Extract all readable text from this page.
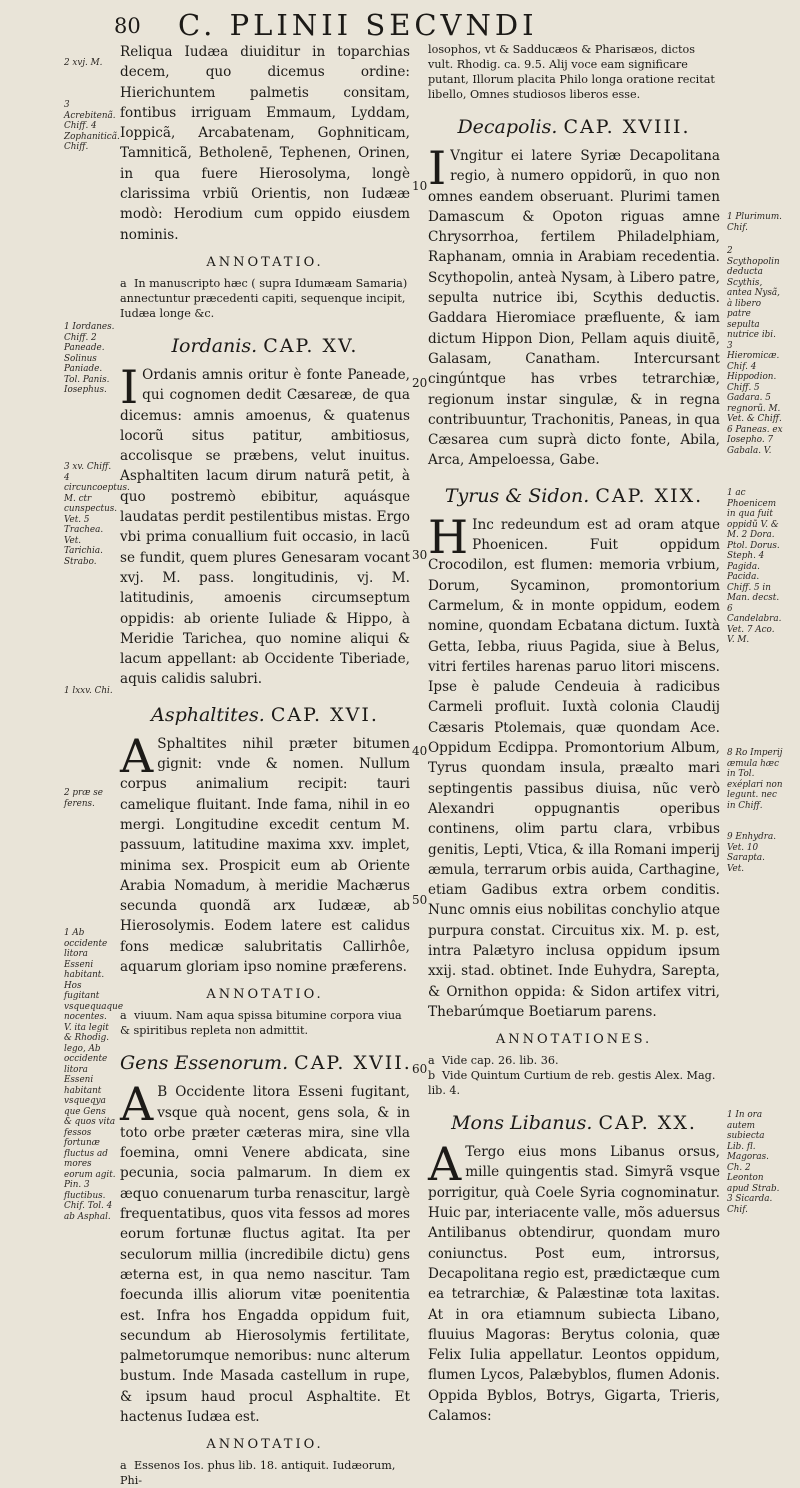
80 C. PLINII SECVNDI
2 xvj. M.
3 Acrebitenã. Chiff. 4 Zophaniticã. Chiff.
1 Iordanes. Chiff. 2 Paneade. Solinus Paniade. Tol. Panis. Iosephus.
3 xv. Chiff. 4 circuncoeptus. M. ctr cunspectus. Vet. 5 Trachea. Vet. Tarichia. Strabo.
1 lxxv. Chi.
2 præ se ferens.
1 Ab occidente litora Esseni habitant. Hos fugitant vsquequaque nocentes. V. ita legit & Rhodig. lego, Ab occidente litora Esseni habitant vsqueqya que Gens & quos vita fessos fortunæ fluctus ad mores eorum agit. Pin. 3 fluctibus. Chif. Tol. 4 ab Asphal.
10
20
30
40
50
60

Reliqua Iudæa diuiditur in toparchias decem, quo dicemus ordine: Hierichuntem palmetis consitam, fontibus irriguam Emmaum, Lyddam, Ioppicã, Arcabatenam, Gophniticam, Tamniticã, Betholenē, Tephenen, Orinen, in qua fuere Hierosolyma, longè clarissima vrbiũ Orientis, non Iudææ modò: Herodium cum oppido eiusdem nominis.

ANNOTATIO.

a In manuscripto hæc ( supra Idumæam Samaria) annectuntur præcedenti capiti, sequenque incipit, Iudæa longe &c.

Iordanis. CAP. XV.

I Ordanis amnis oritur è fonte Paneade, qui cognomen dedit Cæsareæ, de qua dicemus: amnis amoenus, & quatenus locorũ situs patitur, ambitiosus, accolisque se præbens, velut inuitus. Asphaltiten lacum dirum naturã petit, à quo postremò ebibitur, aquásque laudatas perdit pestilentibus mistas. Ergo vbi prima conuallium fuit occasio, in lacũ se fundit, quem plures Genesaram vocant xvj. M. pass. longitudinis, vj. M. latitudinis, amoenis circumseptum oppidis: ab oriente Iuliade & Hippo, à Meridie Tarichea, quo nomine aliqui & lacum appellant: ab Occidente Tiberiade, aquis calidis salubri.

Asphaltites. CAP. XVI.

A Sphaltites nihil præter bitumen gignit: vnde & nomen. Nullum corpus animalium recipit: tauri camelique fluitant. Inde fama, nihil in eo mergi. Longitudine excedit centum M. passuum, latitudine maxima xxv. implet, minima sex. Prospicit eum ab Oriente Arabia Nomadum, à meridie Machærus secunda quondã arx Iudææ, ab Hierosolymis. Eodem latere est calidus fons medicæ salubritatis Callirhôe, aquarum gloriam ipso nomine præferens.

ANNOTATIO.

a viuum. Nam aqua spissa bitumine corpora viua & spiritibus repleta non admittit.

Gens Essenorum. CAP. XVII.

A B Occidente litora Esseni fugitant, vsque quà nocent, gens sola, & in toto orbe præter cæteras mira, sine vlla foemina, omni Venere abdicata, sine pecunia, socia palmarum. In diem ex æquo conuenarum turba renascitur, largè frequentatibus, quos vita fessos ad mores eorum fortunæ fluctus agitat. Ita per seculorum millia (incredibile dictu) gens æterna est, in qua nemo nascitur. Tam foecunda illis aliorum vitæ poenitentia est. Infra hos Engadda oppidum fuit, secundum ab Hierosolymis fertilitate, palmetorumque nemoribus: nunc alterum bustum. Inde Masada castellum in rupe, & ipsum haud procul Asphaltite. Et hactenus Iudæa est.

ANNOTATIO.

a Essenos Ios. phus lib. 18. antiquit. Iudæorum, Phi-

losophos, vt & Sadducæos & Pharisæos, dictos vult. Rhodig. ca. 9.5. Alij voce eam significare putant, Illorum placita Philo longa oratione recitat libello, Omnes studiosos liberos esse.

Decapolis. CAP. XVIII.

I Vngitur ei latere Syriæ Decapolitana regio, à numero oppidorũ, in quo non omnes eandem obseruant. Plurimi tamen Damascum & Opoton riguas amne Chrysorrhoa, fertilem Philadelphiam, Raphanam, omnia in Arabiam recedentia. Scythopolin, anteà Nysam, à Libero patre, sepulta nutrice ibi, Scythis deductis. Gaddara Hieromiace præfluente, & iam dictum Hippon Dion, Pellam aquis diuitē, Galasam, Canatham. Intercursant cingúntque has vrbes tetrarchiæ, regionum instar singulæ, & in regna contribuuntur, Trachonitis, Paneas, in qua Cæsarea cum suprà dicto fonte, Abila, Arca, Ampeloessa, Gabe.

Tyrus & Sidon. CAP. XIX.

H Inc redeundum est ad oram atque Phoenicen. Fuit oppidum Crocodilon, est flumen: memoria vrbium, Dorum, Sycaminon, promontorium Carmelum, & in monte oppidum, eodem nomine, quondam Ecbatana dictum. Iuxtà Getta, Iebba, riuus Pagida, siue à Belus, vitri fertiles harenas paruo litori miscens. Ipse è palude Cendeuia à radicibus Carmeli profluit. Iuxtà colonia Claudij Cæsaris Ptolemais, quæ quondam Ace. Oppidum Ecdippa. Promontorium Album, Tyrus quondam insula, præalto mari septingentis passibus diuisa, nũc verò Alexandri oppugnantis operibus continens, olim partu clara, vrbibus genitis, Lepti, Vtica, & illa Romani imperij æmula, terrarum orbis auida, Carthagine, etiam Gadibus extra orbem conditis. Nunc omnis eius nobilitas conchylio atque purpura constat. Circuitus xix. M. p. est, intra Palætyro inclusa oppidum ipsum xxij. stad. obtinet. Inde Euhydra, Sarepta, & Ornithon oppida: & Sidon artifex vitri, Thebarúmque Boetiarum parens.

ANNOTATIONES.

a Vide cap. 26. lib. 36.

b Vide Quintum Curtium de reb. gestis Alex. Mag. lib. 4.

Mons Libanus. CAP. XX.

A Tergo eius mons Libanus orsus, mille quingentis stad. Simyrã vsque porrigitur, quà Coele Syria cognominatur. Huic par, interiacente valle, mõs aduersus Antilibanus obtendirur, quondam muro coniunctus. Post eum, introrsus, Decapolitana regio est, prædictæque cum ea tetrarchiæ, & Palæstinæ tota laxitas. At in ora etiamnum subiecta Libano, fluuius Magoras: Berytus colonia, quæ Felix Iulia appellatur. Leontos oppidum, flumen Lycos, Palæbyblos, flumen Adonis. Oppida Byblos, Botrys, Gigarta, Trieris, Calamos:

1 Plurimum. Chif.
2 Scythopolin deducta Scythis, antea Nysã, à libero patre sepulta nutrice ibi. 3 Hieromicæ. Chif. 4 Hippodion. Chiff. 5 Gadara. 5 regnorũ. M. Vet. & Chiff. 6 Paneas. ex Iosepho. 7 Gabala. V.
1 ac Phoenicem in qua fuit oppidũ V. & M. 2 Dora. Ptol. Dorus. Steph. 4 Pagida. Pacida. Chiff. 5 in Man. decst. 6 Candelabra. Vet. 7 Aco. V. M.
8 Ro Imperij æmula hæc in Tol. exéplari non legunt. nec in Chiff.
9 Enhydra. Vet. 10 Sarapta. Vet.
1 In ora autem subiecta Lib. fl. Magoras. Ch. 2 Leonton apud Strab. 3 Sicarda. Chif.
